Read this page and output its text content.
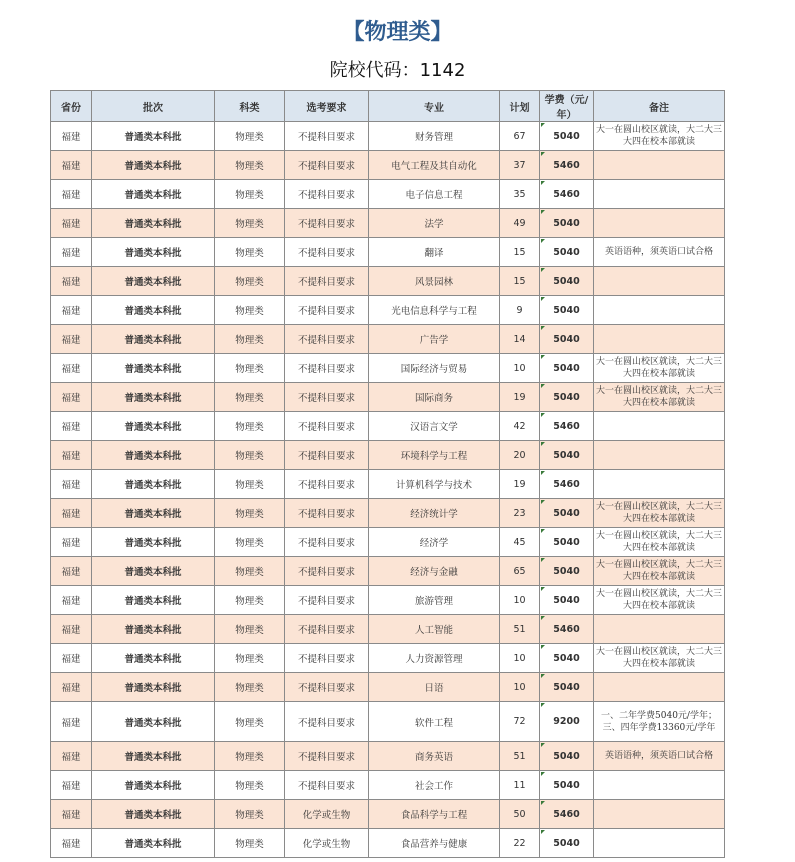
【物理类】
院校代码：1142
省份	批次	科类	选考要求	专业	计划	学费（元/年）	备注
福建	普通类本科批	物理类	不提科目要求	财务管理	67	5040	大一在圆山校区就读，大二大三大四在校本部就读
福建	普通类本科批	物理类	不提科目要求	电气工程及其自动化	37	5460	
福建	普通类本科批	物理类	不提科目要求	电子信息工程	35	5460	
福建	普通类本科批	物理类	不提科目要求	法学	49	5040	
福建	普通类本科批	物理类	不提科目要求	翻译	15	5040	英语语种，须英语口试合格
福建	普通类本科批	物理类	不提科目要求	风景园林	15	5040	
福建	普通类本科批	物理类	不提科目要求	光电信息科学与工程	9	5040	
福建	普通类本科批	物理类	不提科目要求	广告学	14	5040	
福建	普通类本科批	物理类	不提科目要求	国际经济与贸易	10	5040	大一在圆山校区就读，大二大三大四在校本部就读
福建	普通类本科批	物理类	不提科目要求	国际商务	19	5040	大一在圆山校区就读，大二大三大四在校本部就读
福建	普通类本科批	物理类	不提科目要求	汉语言文学	42	5460	
福建	普通类本科批	物理类	不提科目要求	环境科学与工程	20	5040	
福建	普通类本科批	物理类	不提科目要求	计算机科学与技术	19	5460	
福建	普通类本科批	物理类	不提科目要求	经济统计学	23	5040	大一在圆山校区就读，大二大三大四在校本部就读
福建	普通类本科批	物理类	不提科目要求	经济学	45	5040	大一在圆山校区就读，大二大三大四在校本部就读
福建	普通类本科批	物理类	不提科目要求	经济与金融	65	5040	大一在圆山校区就读，大二大三大四在校本部就读
福建	普通类本科批	物理类	不提科目要求	旅游管理	10	5040	大一在圆山校区就读，大二大三大四在校本部就读
福建	普通类本科批	物理类	不提科目要求	人工智能	51	5460	
福建	普通类本科批	物理类	不提科目要求	人力资源管理	10	5040	大一在圆山校区就读，大二大三大四在校本部就读
福建	普通类本科批	物理类	不提科目要求	日语	10	5040	
福建	普通类本科批	物理类	不提科目要求	软件工程	72	9200	一、二年学费5040元/学年；三、四年学费13360元/学年
福建	普通类本科批	物理类	不提科目要求	商务英语	51	5040	英语语种，须英语口试合格
福建	普通类本科批	物理类	不提科目要求	社会工作	11	5040	
福建	普通类本科批	物理类	化学或生物	食品科学与工程	50	5460	
福建	普通类本科批	物理类	化学或生物	食品营养与健康	22	5040	
